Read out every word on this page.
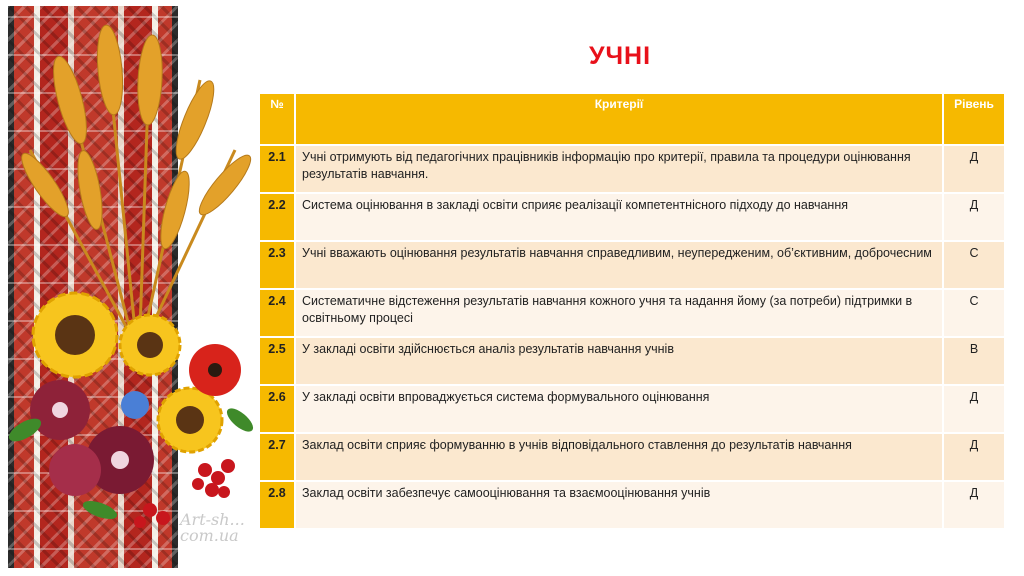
Art-sh... com.ua
УЧНІ
№	Критерії	Рівень
2.1	Учні отримують від педагогічних працівників інформацію про критерії, правила та процедури оцінювання результатів навчання.	Д
2.2	Система оцінювання в закладі освіти сприяє реалізації компетентнісного підходу до навчання	Д
2.3	Учні вважають оцінювання результатів навчання справедливим, неупередженим, об’єктивним, доброчесним	С
2.4	Систематичне відстеження результатів навчання кожного учня та надання йому (за потреби) підтримки в освітньому процесі	С
2.5	У закладі освіти здійснюється аналіз результатів навчання учнів	В
2.6	У закладі освіти впроваджується система формувального оцінювання	Д
2.7	Заклад освіти сприяє формуванню в учнів відповідального ставлення до результатів навчання	Д
2.8	Заклад освіти забезпечує самооцінювання та взаємооцінювання учнів	Д
